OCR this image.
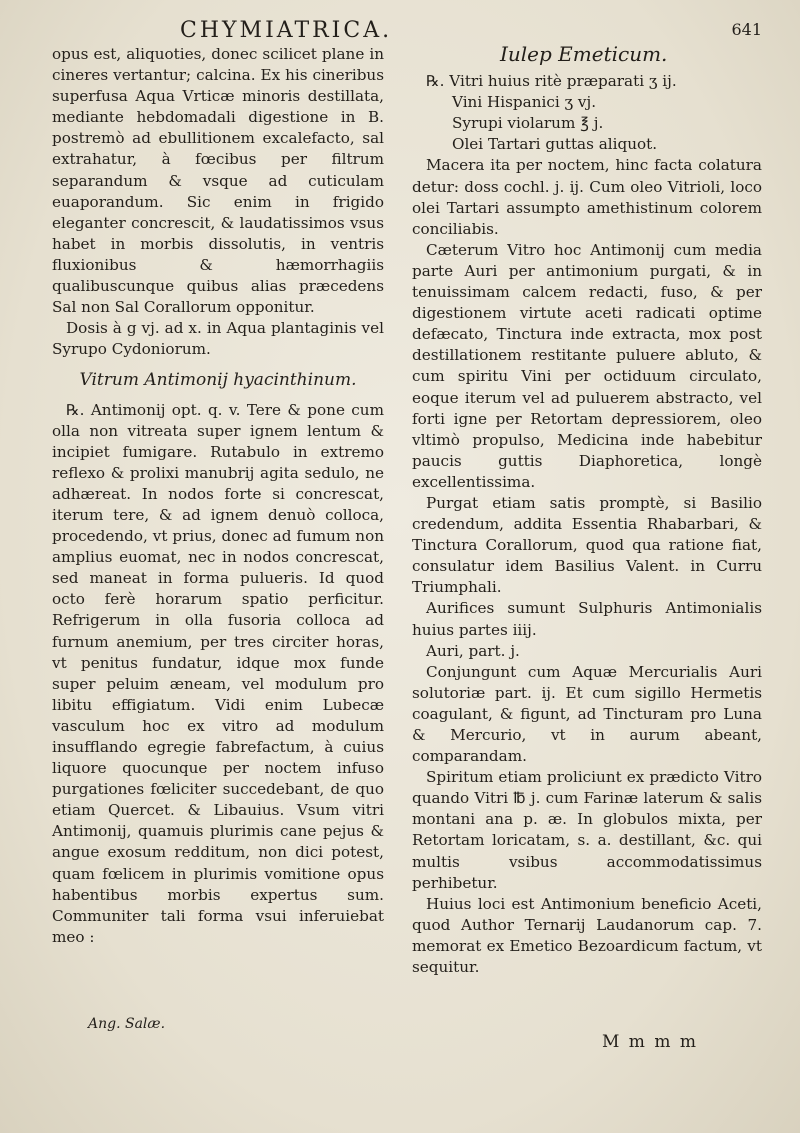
CHYMIATRICA.	641

opus est, aliquoties, donec scilicet plane in cineres vertantur; calcina. Ex his cineribus superfusa Aqua Vrticæ minoris destillata, mediante hebdomadali digestione in B. postremò ad ebullitionem excalefacto, sal extrahatur, à fœcibus per filtrum separandum & vsque ad cuticulam euaporandum. Sic enim in frigido eleganter concrescit, & laudatissimos vsus habet in morbis dissolutis, in ventris fluxionibus & hæmorrhagiis qualibuscunque quibus alias præcedens Sal non Sal Corallorum opponitur.

Dosis à g vj. ad x. in Aqua plantaginis vel Syrupo Cydoniorum.

Vitrum Antimonij hyacinthinum.

℞. Antimonij opt. q. v. Tere & pone cum olla non vitreata super ignem lentum & incipiet fumigare. Rutabulo in extremo reflexo & prolixi manubrij agita sedulo, ne adhæreat. In nodos forte si concrescat, iterum tere, & ad ignem denuò colloca, procedendo, vt prius, donec ad fumum non amplius euomat, nec in nodos concrescat, sed maneat in forma pulueris. Id quod octo ferè horarum spatio perficitur. Refrigerum in olla fusoria colloca ad furnum anemium, per tres circiter horas, vt penitus fundatur, idque mox funde super peluim æneam, vel modulum pro libitu effigiatum. Vidi enim Lubecæ vasculum hoc ex vitro ad modulum insufflando egregie fabrefactum, à cuius liquore quocunque per noctem infuso purgationes fœliciter succedebant, de quo etiam Quercet. & Libauius. Vsum vitri Antimonij, quamuis plurimis cane pejus & angue exosum redditum, non dici potest, quam fœlicem in plurimis vomitione opus habentibus morbis expertus sum. Communiter tali forma vsui inferuiebat meo :

Iulep Emeticum.

℞. Vitri huius ritè præparati ʒ ij.

Vini Hispanici ʒ vj.

Syrupi violarum ℥ j.

Olei Tartari guttas aliquot.

Macera ita per noctem, hinc facta colatura detur: doss cochl. j. ij. Cum oleo Vitrioli, loco olei Tartari assumpto amethistinum colorem conciliabis.

Cæterum Vitro hoc Antimonij cum media parte Auri per antimonium purgati, & in tenuissimam calcem redacti, fuso, & per digestionem virtute aceti radicati optime defæcato, Tinctura inde extracta, mox post destillationem restitante puluere abluto, & cum spiritu Vini per octiduum circulato, eoque iterum vel ad puluerem abstracto, vel forti igne per Retortam depressiorem, oleo vltimò propulso, Medicina inde habebitur paucis guttis Diaphoretica, longè excellentissima.

Purgat etiam satis promptè, si Basilio credendum, addita Essentia Rhabarbari, & Tinctura Corallorum, quod qua ratione fiat, consulatur idem Basilius Valent. in Curru Triumphali.

Aurifices sumunt Sulphuris Antimonialis huius partes iiij.

Auri, part. j.

Conjungunt cum Aquæ Mercurialis Auri solutoriæ part. ij. Et cum sigillo Hermetis coagulant, & figunt, ad Tincturam pro Luna & Mercurio, vt in aurum abeant, comparandam.

Spiritum etiam proliciunt ex prædicto Vitro quando Vitri ℔ j. cum Farinæ laterum & salis montani ana p. æ. In globulos mixta, per Retortam loricatam, s. a. destillant, &c. qui multis vsibus accommodatissimus perhibetur.

Huius loci est Antimonium beneficio Aceti, quod Author Ternarij Laudanorum cap. 7. memorat ex Emetico Bezoardicum factum, vt sequitur.

Ang. Salæ.
M m m m
